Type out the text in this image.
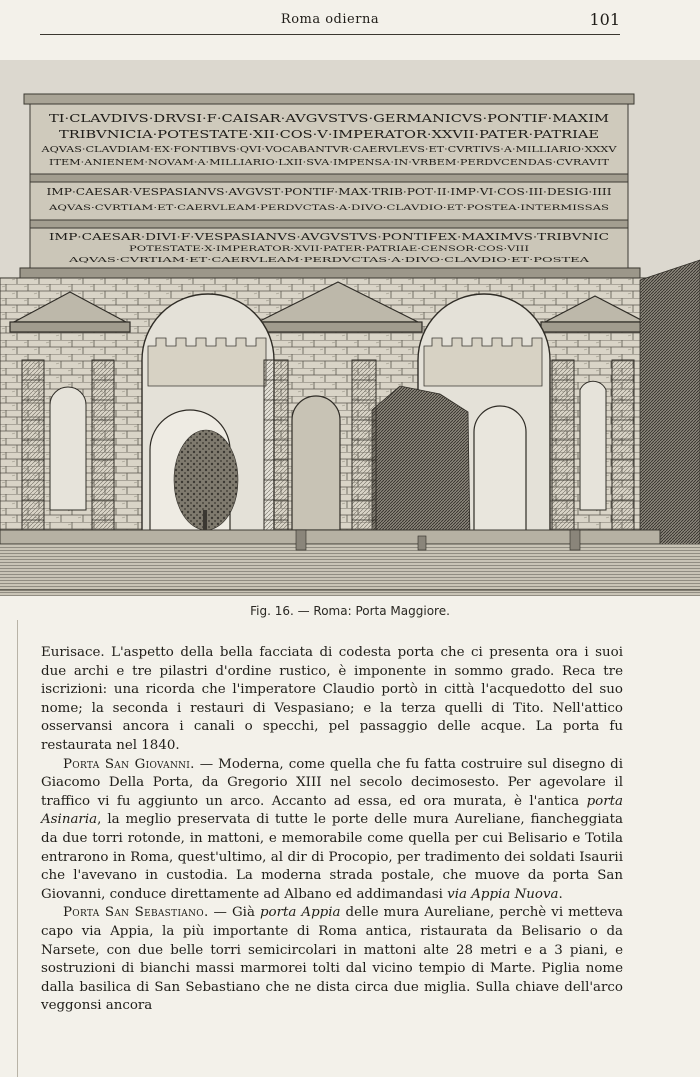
Roma odierna	101
TI·CLAVDIVS·DRVSI·F·CAISAR·AVGVSTVS·GERMANICVS·PONTIF·MAXIM
TRIBVNICIA·POTESTATE·XII·COS·V·IMPERATOR·XXVII·PATER·PATRIAE
AQVAS·CLAVDIAM·EX·FONTIBVS·QVI·VOCABANTVR·CAERVLEVS·ET·CVRTIVS·A·MILLIARIO·XXXV
ITEM·ANIENEM·NOVAM·A·MILLIARIO·LXII·SVA·IMPENSA·IN·VRBEM·PERDVCENDAS·CVRAVIT
IMP·CAESAR·VESPASIANVS·AVGVST·PONTIF·MAX·TRIB·POT·II·IMP·VI·COS·III·DESIG·IIII
AQVAS·CVRTIAM·ET·CAERVLEAM·PERDVCTAS·A·DIVO·CLAVDIO·ET·POSTEA·INTERMISSAS
IMP·CAESAR·DIVI·F·VESPASIANVS·AVGVSTVS·PONTIFEX·MAXIMVS·TRIBVNIC
POTESTATE·X·IMPERATOR·XVII·PATER·PATRIAE·CENSOR·COS·VIII
AQVAS·CVRTIAM·ET·CAERVLEAM·PERDVCTAS·A·DIVO·CLAVDIO·ET·POSTEA
Fig. 16. — Roma: Porta Maggiore.

Eurisace. L'aspetto della bella facciata di codesta porta che ci presenta ora i suoi due archi e tre pilastri d'ordine rustico, è imponente in sommo grado. Reca tre iscrizioni: una ricorda che l'imperatore Claudio portò in città l'acquedotto del suo nome; la seconda i restauri di Vespasiano; e la terza quelli di Tito. Nell'attico osservansi ancora i canali o specchi, pel passaggio delle acque. La porta fu restaurata nel 1840.

Porta San Giovanni. — Moderna, come quella che fu fatta costruire sul disegno di Giacomo Della Porta, da Gregorio XIII nel secolo decimosesto. Per agevolare il traffico vi fu aggiunto un arco. Accanto ad essa, ed ora murata, è l'antica porta Asinaria, la meglio preservata di tutte le porte delle mura Aureliane, fiancheggiata da due torri rotonde, in mattoni, e memorabile come quella per cui Belisario e Totila entrarono in Roma, quest'ultimo, al dir di Procopio, per tradimento dei soldati Isaurii che l'avevano in custodia. La moderna strada postale, che muove da porta San Giovanni, conduce direttamente ad Albano ed addimandasi via Appia Nuova.

Porta San Sebastiano. — Già porta Appia delle mura Aureliane, perchè vi metteva capo via Appia, la più importante di Roma antica, ristaurata da Belisario o da Narsete, con due belle torri semicircolari in mattoni alte 28 metri e a 3 piani, e sostruzioni di bianchi massi marmorei tolti dal vicino tempio di Marte. Piglia nome dalla basilica di San Sebastiano che ne dista circa due miglia. Sulla chiave dell'arco veggonsi ancora
